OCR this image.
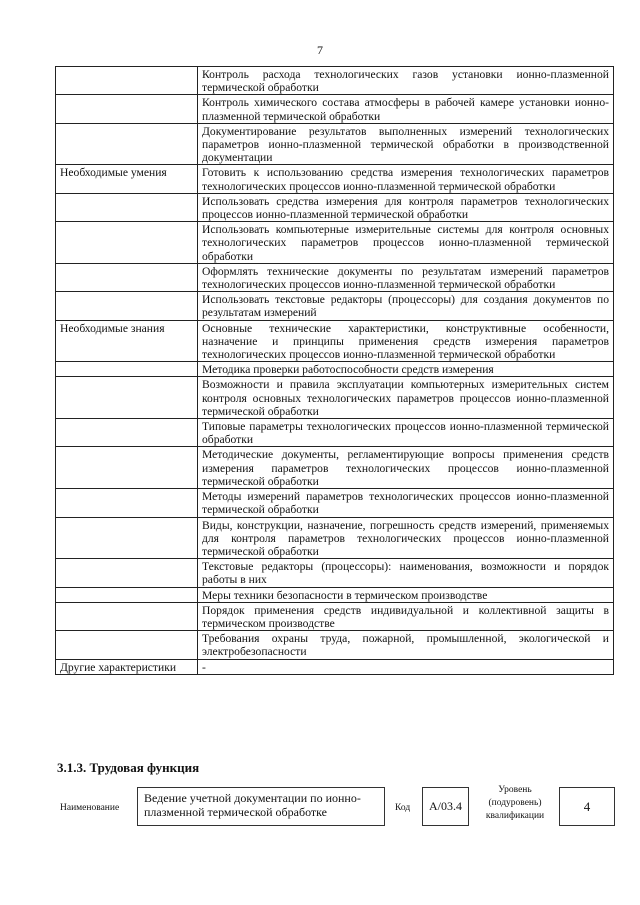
7
	Контроль расхода технологических газов установки ионно-плазменной термической обработки
	Контроль химического состава атмосферы в рабочей камере установки ионно-плазменной термической обработки
	Документирование результатов выполненных измерений технологических параметров ионно-плазменной термической обработки в производственной документации
Необходимые умения	Готовить к использованию средства измерения технологических параметров технологических процессов ионно-плазменной термической обработки
	Использовать средства измерения для контроля параметров технологических процессов ионно-плазменной термической обработки
	Использовать компьютерные измерительные системы для контроля основных технологических параметров процессов ионно-плазменной термической обработки
	Оформлять технические документы по результатам измерений параметров технологических процессов ионно-плазменной термической обработки
	Использовать текстовые редакторы (процессоры) для создания документов по результатам измерений
Необходимые знания	Основные технические характеристики, конструктивные особенности, назначение и принципы применения средств измерения параметров технологических процессов ионно-плазменной термической обработки
	Методика проверки работоспособности средств измерения
	Возможности и правила эксплуатации компьютерных измерительных систем контроля основных технологических параметров процессов ионно-плазменной термической обработки
	Типовые параметры технологических процессов ионно-плазменной термической обработки
	Методические документы, регламентирующие вопросы применения средств измерения параметров технологических процессов ионно-плазменной термической обработки
	Методы измерений параметров технологических процессов ионно-плазменной термической обработки
	Виды, конструкции, назначение, погрешность средств измерений, применяемых для контроля параметров технологических процессов ионно-плазменной термической обработки
	Текстовые редакторы (процессоры): наименования, возможности и порядок работы в них
	Меры техники безопасности в термическом производстве
	Порядок применения средств индивидуальной и коллективной защиты в термическом производстве
	Требования охраны труда, пожарной, промышленной, экологической и электробезопасности
Другие характеристики	-
3.1.3. Трудовая функция
Наименование
Ведение учетной документации по ионно-плазменной термической обработке	Код	A/03.4
Уровень
(подуровень)
квалификации
4
